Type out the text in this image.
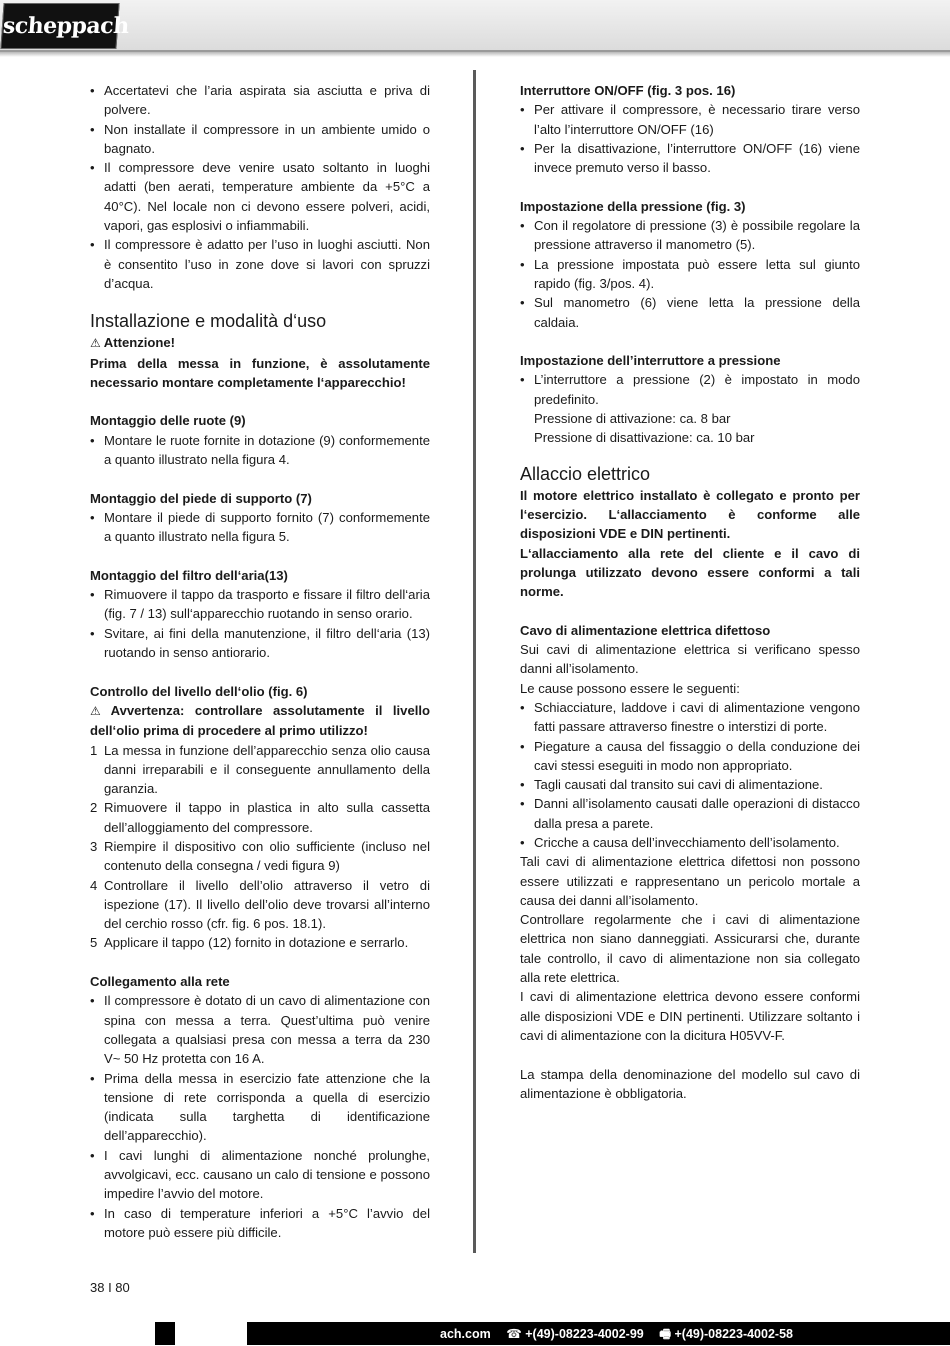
scheppach
• Accertatevi che l’aria aspirata sia asciutta e priva di polvere.
• Non installate il compressore in un ambiente umido o bagnato.
• Il compressore deve venire usato soltanto in luoghi adatti (ben aerati, temperature ambiente da +5°C a 40°C). Nel locale non ci devono essere polveri, acidi, vapori, gas esplosivi o infiammabili.
• Il compressore è adatto per l’uso in luoghi asciutti. Non è consentito l’uso in zone dove si lavori con spruzzi d’acqua.
Installazione e modalità d‘uso
⚠ Attenzione!
Prima della messa in funzione, è assolutamente necessario montare completamente l‘apparecchio!
Montaggio delle ruote (9)
• Montare le ruote fornite in dotazione (9) conformemente a quanto illustrato nella figura 4.
Montaggio del piede di supporto (7)
• Montare il piede di supporto fornito (7) conformemente a quanto illustrato nella figura 5.
Montaggio del filtro dell‘aria(13)
• Rimuovere il tappo da trasporto e fissare il filtro dell‘aria (fig. 7 / 13) sull‘apparecchio ruotando in senso orario.
• Svitare, ai fini della manutenzione, il filtro dell‘aria (13) ruotando in senso antiorario.
Controllo del livello dell‘olio (fig. 6)
⚠ Avvertenza: controllare assolutamente il livello dell‘olio prima di procedere al primo utilizzo!
1 La messa in funzione dell’apparecchio senza olio causa danni irreparabili e il conseguente annullamento della garanzia.
2 Rimuovere il tappo in plastica in alto sulla cassetta dell’alloggiamento del compressore.
3 Riempire il dispositivo con olio sufficiente (incluso nel contenuto della consegna / vedi figura 9)
4 Controllare il livello dell’olio attraverso il vetro di ispezione (17). Il livello dell’olio deve trovarsi all’interno del cerchio rosso (cfr. fig. 6 pos. 18.1).
5 Applicare il tappo (12) fornito in dotazione e serrarlo.
Collegamento alla rete
• Il compressore è dotato di un cavo di alimentazione con spina con messa a terra. Quest’ultima può venire collegata a qualsiasi presa con messa a terra da 230 V~ 50 Hz protetta con 16 A.
• Prima della messa in esercizio fate attenzione che la tensione di rete corrisponda a quella di esercizio (indicata sulla targhetta di identificazione dell’apparecchio).
• I cavi lunghi di alimentazione nonché prolunghe, avvolgicavi, ecc. causano un calo di tensione e possono impedire l’avvio del motore.
• In caso di temperature inferiori a +5°C l’avvio del motore può essere più difficile.
Interruttore ON/OFF (fig. 3 pos. 16)
• Per attivare il compressore, è necessario tirare verso l’alto l’interruttore ON/OFF (16)
• Per la disattivazione, l’interruttore ON/OFF (16) viene invece premuto verso il basso.
Impostazione della pressione (fig. 3)
• Con il regolatore di pressione (3) è possibile regolare la pressione attraverso il manometro (5).
• La pressione impostata può essere letta sul giunto rapido (fig. 3/pos. 4).
• Sul manometro (6) viene letta la pressione della caldaia.
Impostazione dell’interruttore a pressione
• L’interruttore a pressione (2) è impostato in modo predefinito.
Pressione di attivazione: ca. 8 bar
Pressione di disattivazione: ca. 10 bar
Allaccio elettrico
Il motore elettrico installato è collegato e pronto per l‘esercizio. L‘allacciamento è conforme alle disposizioni VDE e DIN pertinenti.
L‘allacciamento alla rete del cliente e il cavo di prolunga utilizzato devono essere conformi a tali norme.
Cavo di alimentazione elettrica difettoso
Sui cavi di alimentazione elettrica si verificano spesso danni all’isolamento.
Le cause possono essere le seguenti:
• Schiacciature, laddove i cavi di alimentazione vengono fatti passare attraverso finestre o interstizi di porte.
• Piegature a causa del fissaggio o della conduzione dei cavi stessi eseguiti in modo non appropriato.
• Tagli causati dal transito sui cavi di alimentazione.
• Danni all’isolamento causati dalle operazioni di distacco dalla presa a parete.
• Cricche a causa dell’invecchiamento dell’isolamento.
Tali cavi di alimentazione elettrica difettosi non possono essere utilizzati e rappresentano un pericolo mortale a causa dei danni all’isolamento.
Controllare regolarmente che i cavi di alimentazione elettrica non siano danneggiati. Assicurarsi che, durante tale controllo, il cavo di alimentazione non sia collegato alla rete elettrica.
I cavi di alimentazione elettrica devono essere conformi alle disposizioni VDE e DIN pertinenti. Utilizzare soltanto i cavi di alimentazione con la dicitura H05VV-F.
La stampa della denominazione del modello sul cavo di alimentazione è obbligatoria.
38 I 80
ach.com ☎ +(49)-08223-4002-99 🖷 +(49)-08223-4002-58
